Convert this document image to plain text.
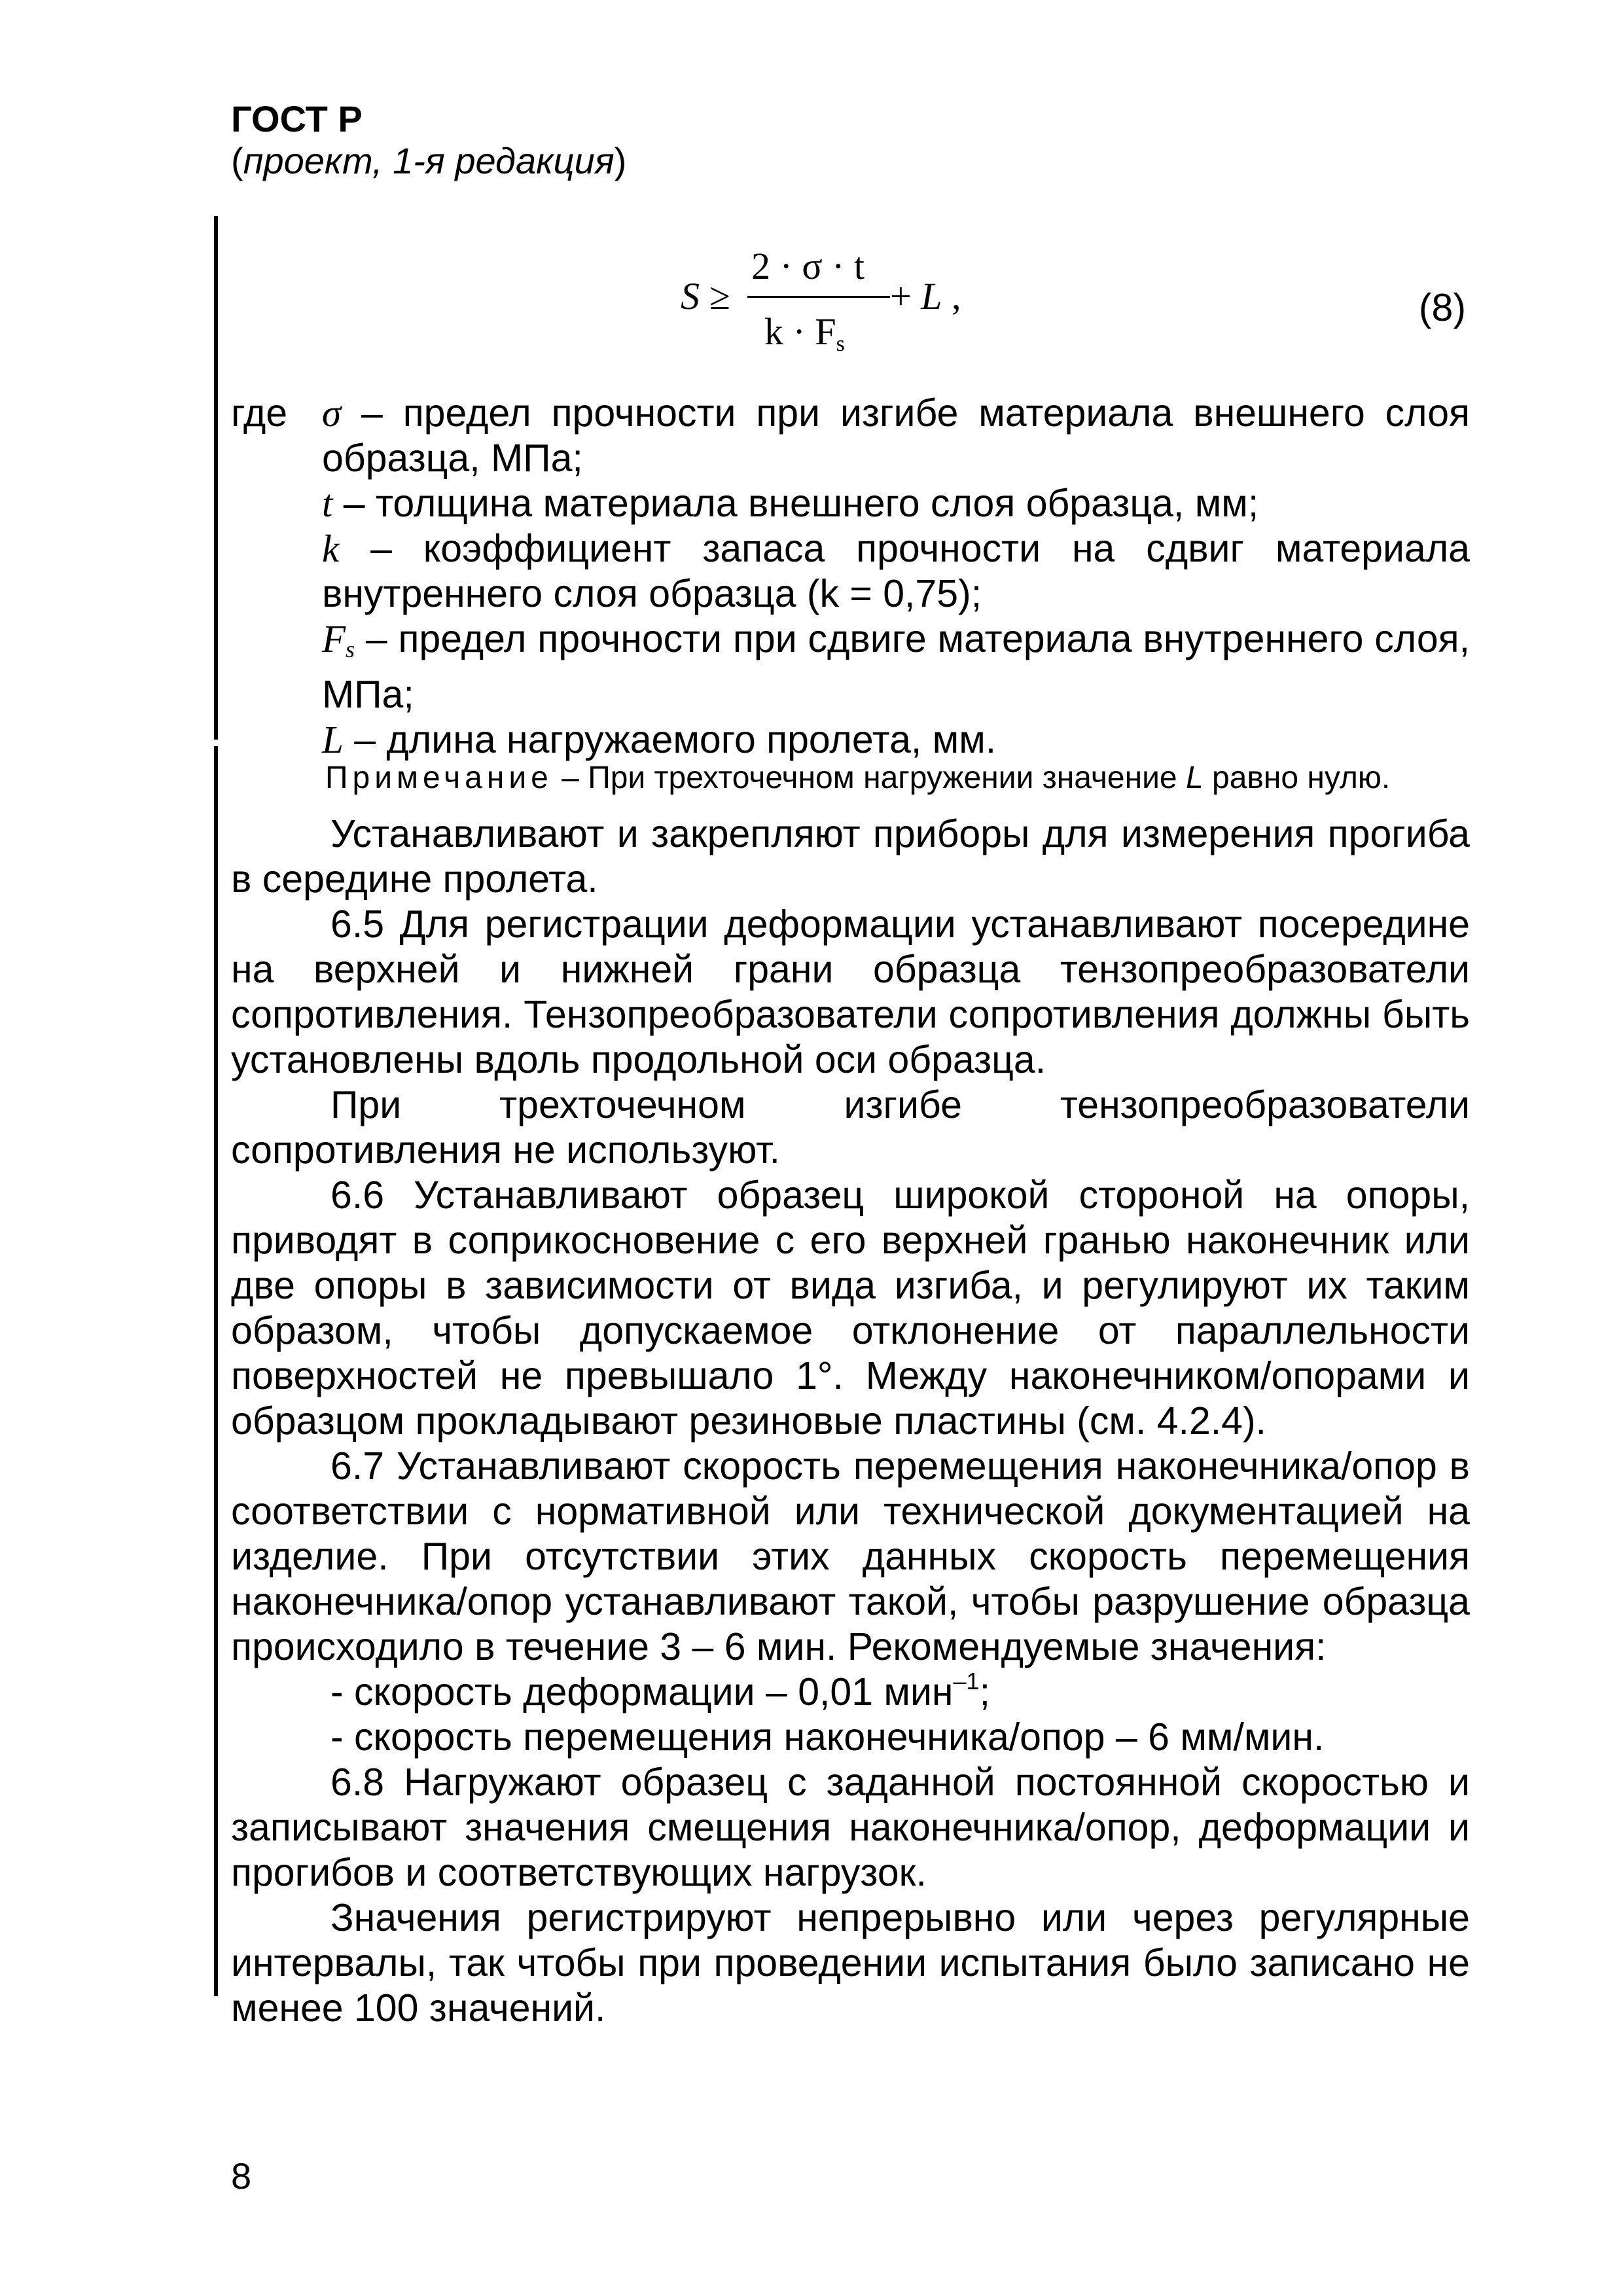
ГОСТ Р
(проект, 1-я редакция)
S ≥
2 · σ · t
$k \cdot F_s$
+ L ,	(8)
где σ – предел прочности при изгибе материала внешнего слоя образца, МПа;

t – толщина материала внешнего слоя образца, мм;

k – коэффициент запаса прочности на сдвиг материала внутреннего слоя образца (k = 0,75);

$F_s$ – предел прочности при сдвиге материала внутреннего слоя, МПа;

L – длина нагружаемого пролета, мм.

Примечание – При трехточечном нагружении значение L равно нулю.

Устанавливают и закрепляют приборы для измерения прогиба в середине пролета.

6.5 Для регистрации деформации устанавливают посередине на верхней и нижней грани образца тензопреобразователи сопротивления. Тензопреобразователи сопротивления должны быть установлены вдоль продольной оси образца.

При трехточечном изгибе тензопреобразователи сопротивления не используют.

6.6 Устанавливают образец широкой стороной на опоры, приводят в соприкосновение с его верхней гранью наконечник или две опоры в зависимости от вида изгиба, и регулируют их таким образом, чтобы допускаемое отклонение от параллельности поверхностей не превышало 1°. Между наконечником/опорами и образцом прокладывают резиновые пластины (см. 4.2.4).

6.7 Устанавливают скорость перемещения наконечника/опор в соответствии с нормативной или технической документацией на изделие. При отсутствии этих данных скорость перемещения наконечника/опор устанавливают такой, чтобы разрушение образца происходило в течение 3 – 6 мин. Рекомендуемые значения:

- скорость деформации – 0,01 мин$^{-1}$;

- скорость перемещения наконечника/опор – 6 мм/мин.

6.8 Нагружают образец с заданной постоянной скоростью и записывают значения смещения наконечника/опор, деформации и прогибов и соответствующих нагрузок.

Значения регистрируют непрерывно или через регулярные интервалы, так чтобы при проведении испытания было записано не менее 100 значений.

8
